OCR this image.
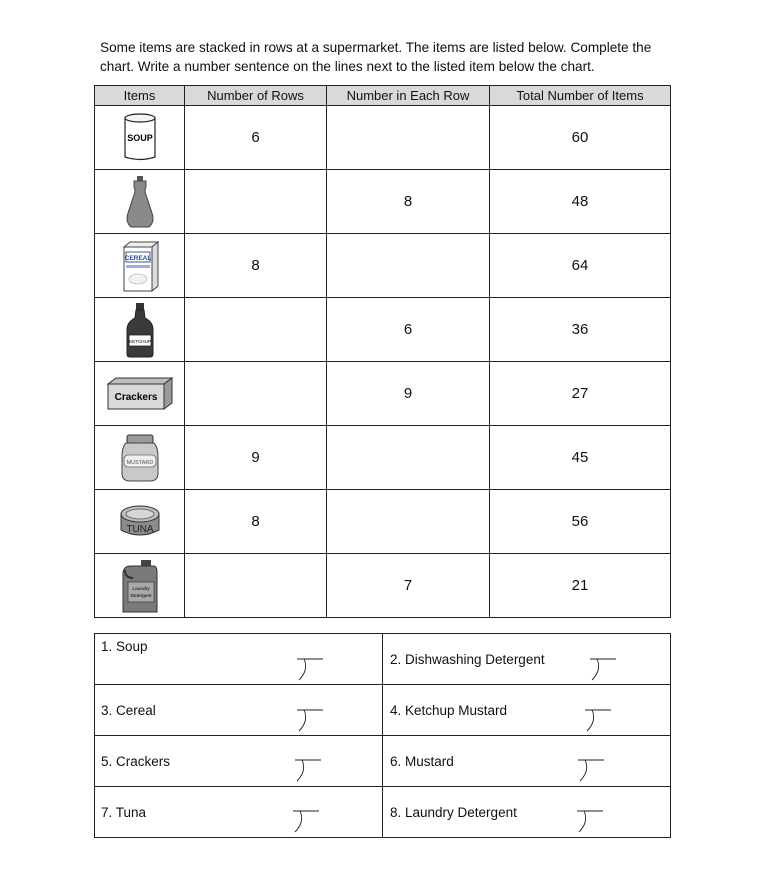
Some items are stacked in rows at a supermarket. The items are listed below. Complete the

chart. Write a number sentence on the lines next to the listed item below the chart.

Items	Number of Rows	Number in Each Row	Total Number of Items

SOUP	6		60

		8	48

CEREAL	8		64

KETCHUP		6	36

Crackers		9	27

MUSTARD	9		45

TUNA	8		56

Laundry
Detergent		7	21
1. Soup	2. Dishwashing Detergent

3. Cereal	4. Ketchup Mustard

5. Crackers	6. Mustard

7. Tuna	8. Laundry Detergent
